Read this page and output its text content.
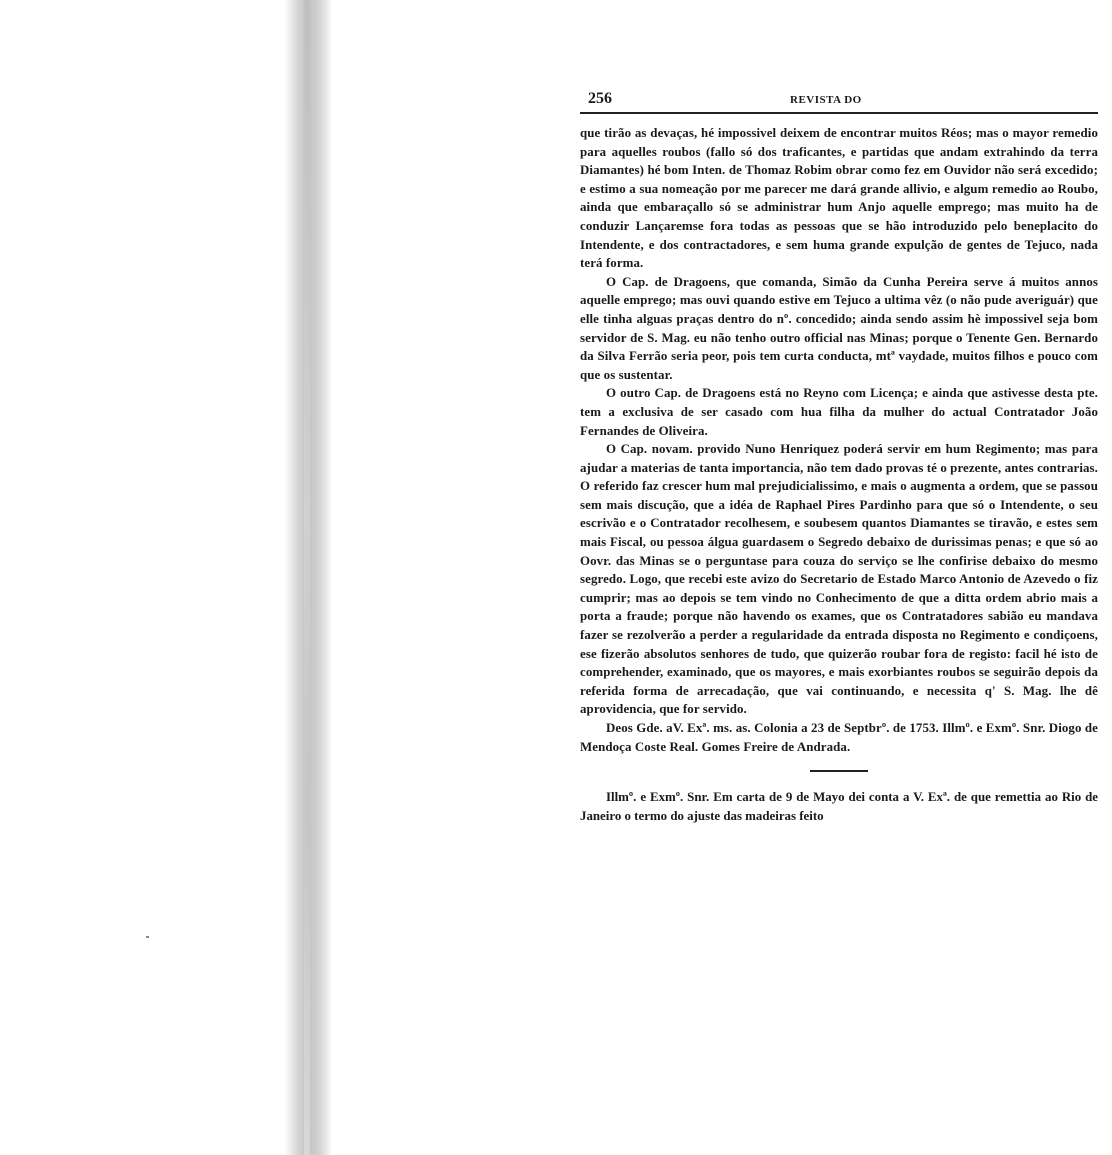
256	REVISTA DO

que tirão as devaças, hé impossivel deixem de encontrar muitos Réos; mas o mayor remedio para aquelles roubos (fallo só dos traficantes, e partidas que andam extrahindo da terra Diamantes) hé bom Inten. de Thomaz Robim obrar como fez em Ouvidor não será excedido; e estimo a sua nomeação por me parecer me dará grande allivio, e algum remedio ao Roubo, ainda que embaraçallo só se administrar hum Anjo aquelle emprego; mas muito ha de conduzir Lançaremse fora todas as pessoas que se hão introduzido pelo beneplacito do Intendente, e dos contractadores, e sem huma grande expulção de gentes de Tejuco, nada terá forma.

O Cap. de Dragoens, que comanda, Simão da Cunha Pereira serve á muitos annos aquelle emprego; mas ouvi quando estive em Tejuco a ultima vêz (o não pude averiguár) que elle tinha alguas praças dentro do nº. concedido; ainda sendo assim hè impossivel seja bom servidor de S. Mag. eu não tenho outro official nas Minas; porque o Tenente Gen. Bernardo da Silva Ferrão seria peor, pois tem curta conducta, mtª vaydade, muitos filhos e pouco com que os sustentar.

O outro Cap. de Dragoens está no Reyno com Licença; e ainda que astivesse desta pte. tem a exclusiva de ser casado com hua filha da mulher do actual Contratador João Fernandes de Oliveira.

O Cap. novam. provido Nuno Henriquez poderá servir em hum Regimento; mas para ajudar a materias de tanta importancia, não tem dado provas té o prezente, antes contrarias. O referido faz crescer hum mal prejudicialissimo, e mais o augmenta a ordem, que se passou sem mais discução, que a idéa de Raphael Pires Pardinho para que só o Intendente, o seu escrivão e o Contratador recolhesem, e soubesem quantos Diamantes se tiravão, e estes sem mais Fiscal, ou pessoa álgua guardasem o Segredo debaixo de durissimas penas; e que só ao Oovr. das Minas se o perguntase para couza do serviço se lhe confirise debaixo do mesmo segredo. Logo, que recebi este avizo do Secretario de Estado Marco Antonio de Azevedo o fiz cumprir; mas ao depois se tem vindo no Conhecimento de que a ditta ordem abrio mais a porta a fraude; porque não havendo os exames, que os Contratadores sabião eu mandava fazer se rezolverão a perder a regularidade da entrada disposta no Regimento e condiçoens, ese fizerão absolutos senhores de tudo, que quizerão roubar fora de registo: facil hé isto de comprehender, examinado, que os mayores, e mais exorbiantes roubos se seguirão depois da referida forma de arrecadação, que vai continuando, e necessita q' S. Mag. lhe dê aprovidencia, que for servido.

Deos Gde. aV. Exª. ms. as. Colonia a 23 de Septbrº. de 1753. Illmº. e Exmº. Snr. Diogo de Mendoça Coste Real. Gomes Freire de Andrada.

Illmº. e Exmº. Snr. Em carta de 9 de Mayo dei conta a V. Exª. de que remettia ao Rio de Janeiro o termo do ajuste das madeiras feito
